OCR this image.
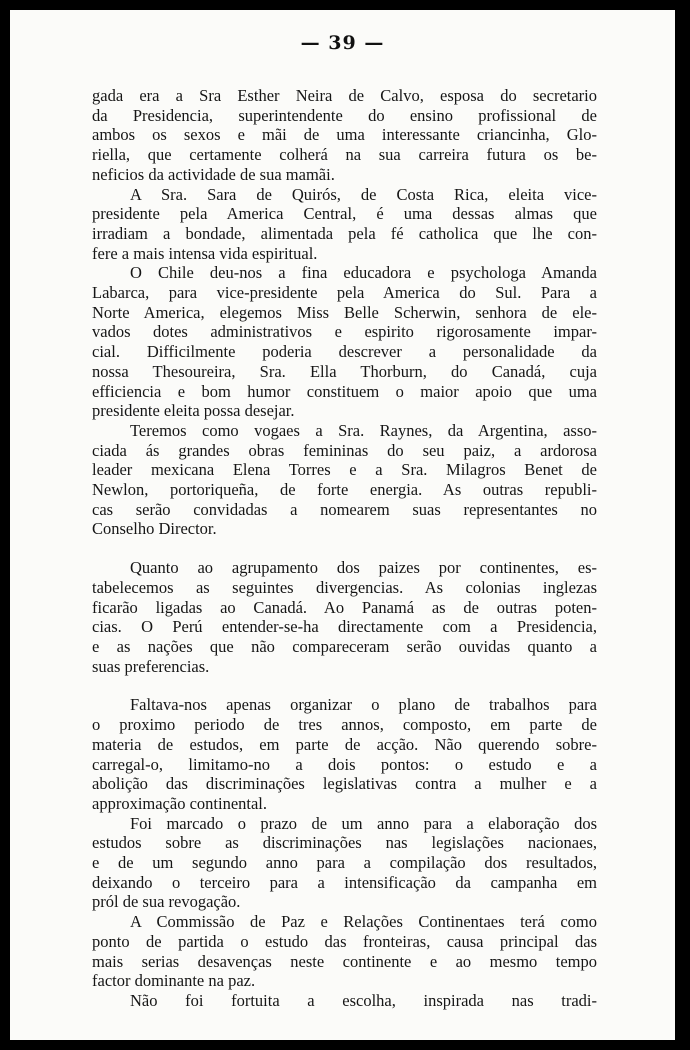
— 39 —
gada era a Sra Esther Neira de Calvo, esposa do secretario
da Presidencia, superintendente do ensino profissional de
ambos os sexos e mãi de uma interessante criancinha, Glo-
riella, que certamente colherá na sua carreira futura os be-
neficios da actividade de sua mamãi.
A Sra. Sara de Quirós, de Costa Rica, eleita vice-
presidente pela America Central, é uma dessas almas que
irradiam a bondade, alimentada pela fé catholica que lhe con-
fere a mais intensa vida espiritual.
O Chile deu-nos a fina educadora e psychologa Amanda
Labarca, para vice-presidente pela America do Sul. Para a
Norte America, elegemos Miss Belle Scherwin, senhora de ele-
vados dotes administrativos e espirito rigorosamente impar-
cial. Difficilmente poderia descrever a personalidade da
nossa Thesoureira, Sra. Ella Thorburn, do Canadá, cuja
efficiencia e bom humor constituem o maior apoio que uma
presidente eleita possa desejar.
Teremos como vogaes a Sra. Raynes, da Argentina, asso-
ciada ás grandes obras femininas do seu paiz, a ardorosa
leader mexicana Elena Torres e a Sra. Milagros Benet de
Newlon, portoriqueña, de forte energia. As outras republi-
cas serão convidadas a nomearem suas representantes no
Conselho Director.
Quanto ao agrupamento dos paizes por continentes, es-
tabelecemos as seguintes divergencias. As colonias inglezas
ficarão ligadas ao Canadá. Ao Panamá as de outras poten-
cias. O Perú entender-se-ha directamente com a Presidencia,
e as nações que não compareceram serão ouvidas quanto a
suas preferencias.
Faltava-nos apenas organizar o plano de trabalhos para
o proximo periodo de tres annos, composto, em parte de
materia de estudos, em parte de acção. Não querendo sobre-
carregal-o, limitamo-no a dois pontos: o estudo e a
abolição das discriminações legislativas contra a mulher e a
approximação continental.
Foi marcado o prazo de um anno para a elaboração dos
estudos sobre as discriminações nas legislações nacionaes,
e de um segundo anno para a compilação dos resultados,
deixando o terceiro para a intensificação da campanha em
pról de sua revogação.
A Commissão de Paz e Relações Continentaes terá como
ponto de partida o estudo das fronteiras, causa principal das
mais serias desavenças neste continente e ao mesmo tempo
factor dominante na paz.
Não foi fortuita a escolha, inspirada nas tradi-
